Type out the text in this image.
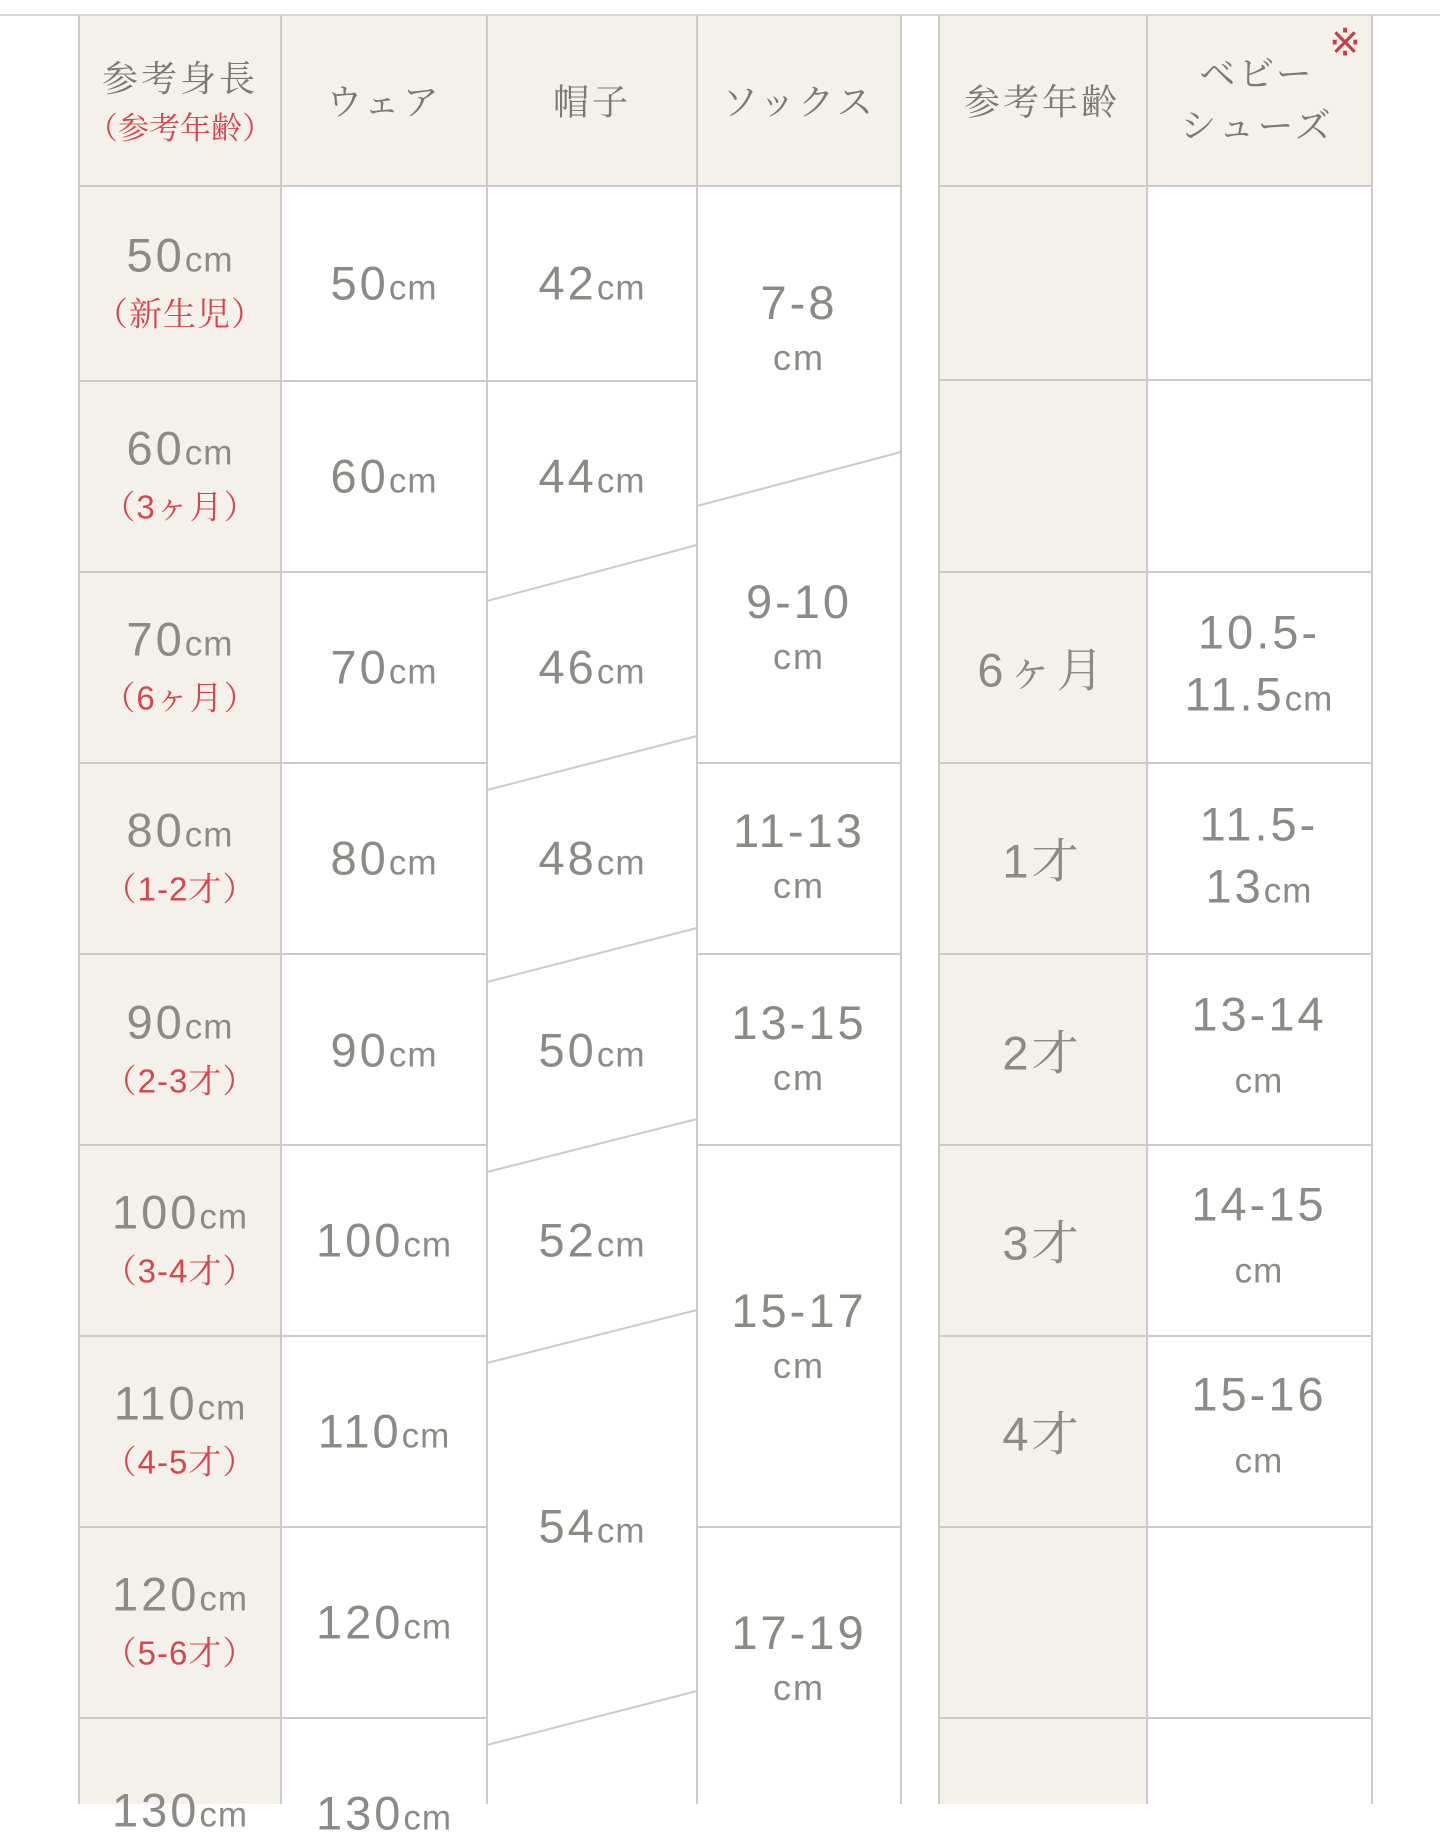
参考身長
（参考年齢）
ウェア	帽子	ソックス
50cm
（新生児）
60cm
（3ヶ月）
70cm
（6ヶ月）
80cm
（1-2才）
90cm
（2-3才）
100cm
（3-4才）
110cm
（4-5才）
120cm
（5-6才）
130cm
50cm
60cm
70cm
80cm
90cm
100cm
110cm
120cm
130cm
42cm
44cm
46cm
48cm
50cm
52cm
54cm
7-8
cm
9-10
cm
11-13
cm
13-15
cm
15-17
cm
17-19
cm
参考年齢
ベビー
シューズ
※
6ヶ月
1才
2才
3才
4才
10.5-
11.5cm
11.5-
13cm
13-14
cm
14-15
cm
15-16
cm
